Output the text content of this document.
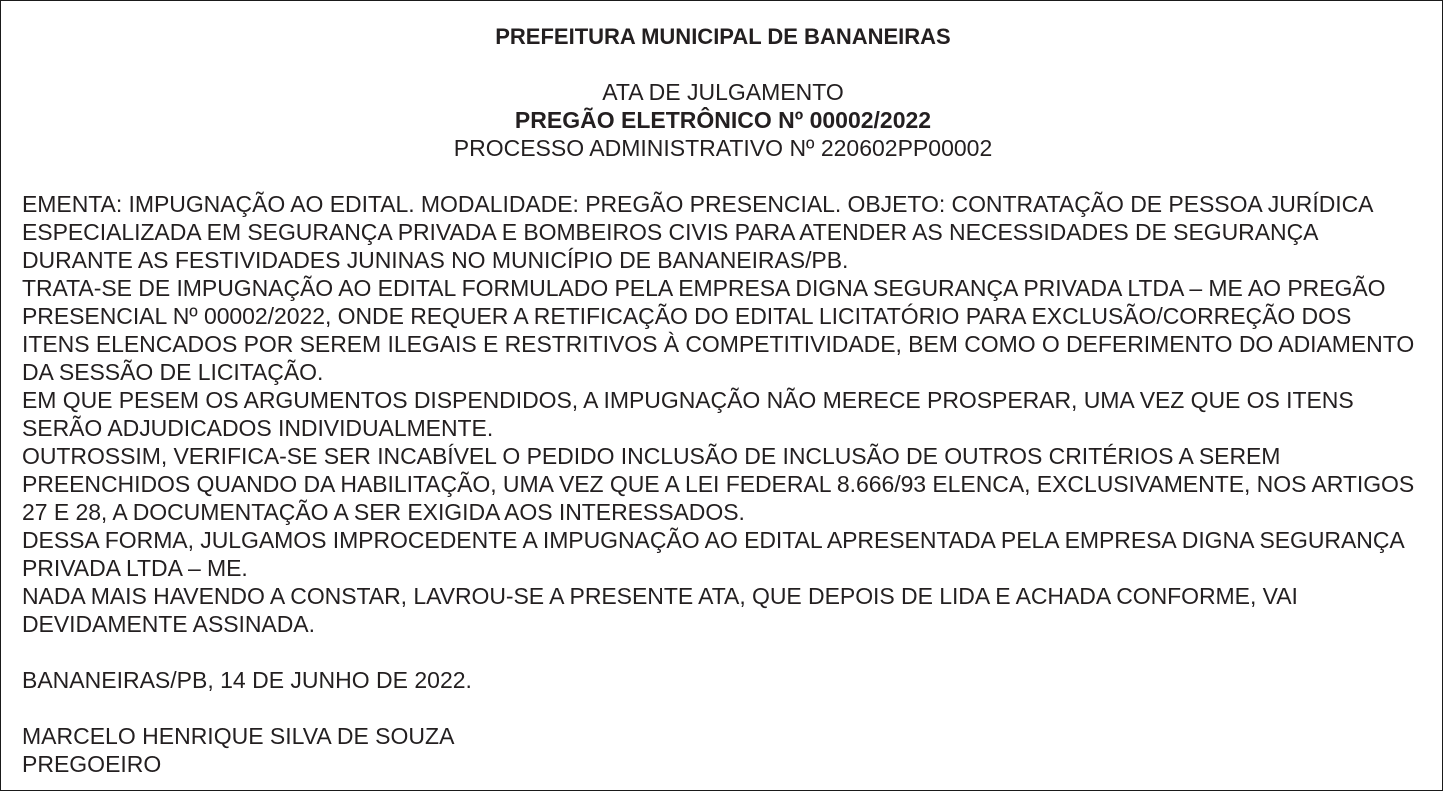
PREFEITURA MUNICIPAL DE BANANEIRAS
ATA DE JULGAMENTO
PREGÃO ELETRÔNICO Nº 00002/2022
PROCESSO ADMINISTRATIVO Nº 220602PP00002

EMENTA: IMPUGNAÇÃO AO EDITAL. MODALIDADE: PREGÃO PRESENCIAL. OBJETO: CONTRATAÇÃO DE PESSOA JURÍDICA ESPECIALIZADA EM SEGURANÇA PRIVADA E BOMBEIROS CIVIS PARA ATENDER AS NECESSIDADES DE SEGURANÇA DURANTE AS FESTIVIDADES JUNINAS NO MUNICÍPIO DE BANANEIRAS/PB.

TRATA-SE DE IMPUGNAÇÃO AO EDITAL FORMULADO PELA EMPRESA DIGNA SEGURANÇA PRIVADA LTDA – ME AO PREGÃO PRESENCIAL Nº 00002/2022, ONDE REQUER A RETIFICAÇÃO DO EDITAL LICITATÓRIO PARA EXCLUSÃO/CORREÇÃO DOS ITENS ELENCADOS POR SEREM ILEGAIS E RESTRITIVOS À COMPETITIVIDADE, BEM COMO O DEFERIMENTO DO ADIAMENTO DA SESSÃO DE LICITAÇÃO.

EM QUE PESEM OS ARGUMENTOS DISPENDIDOS, A IMPUGNAÇÃO NÃO MERECE PROSPERAR, UMA VEZ QUE OS ITENS SERÃO ADJUDICADOS INDIVIDUALMENTE.

OUTROSSIM, VERIFICA-SE SER INCABÍVEL O PEDIDO INCLUSÃO DE INCLUSÃO DE OUTROS CRITÉRIOS A SEREM PREENCHIDOS QUANDO DA HABILITAÇÃO, UMA VEZ QUE A LEI FEDERAL 8.666/93 ELENCA, EXCLUSIVAMENTE, NOS ARTIGOS 27 E 28, A DOCUMENTAÇÃO A SER EXIGIDA AOS INTERESSADOS.

DESSA FORMA, JULGAMOS IMPROCEDENTE A IMPUGNAÇÃO AO EDITAL APRESENTADA PELA EMPRESA DIGNA SEGURANÇA PRIVADA LTDA – ME.

NADA MAIS HAVENDO A CONSTAR, LAVROU-SE A PRESENTE ATA, QUE DEPOIS DE LIDA E ACHADA CONFORME, VAI DEVIDAMENTE ASSINADA.

BANANEIRAS/PB, 14 DE JUNHO DE 2022.
MARCELO HENRIQUE SILVA DE SOUZA
PREGOEIRO
